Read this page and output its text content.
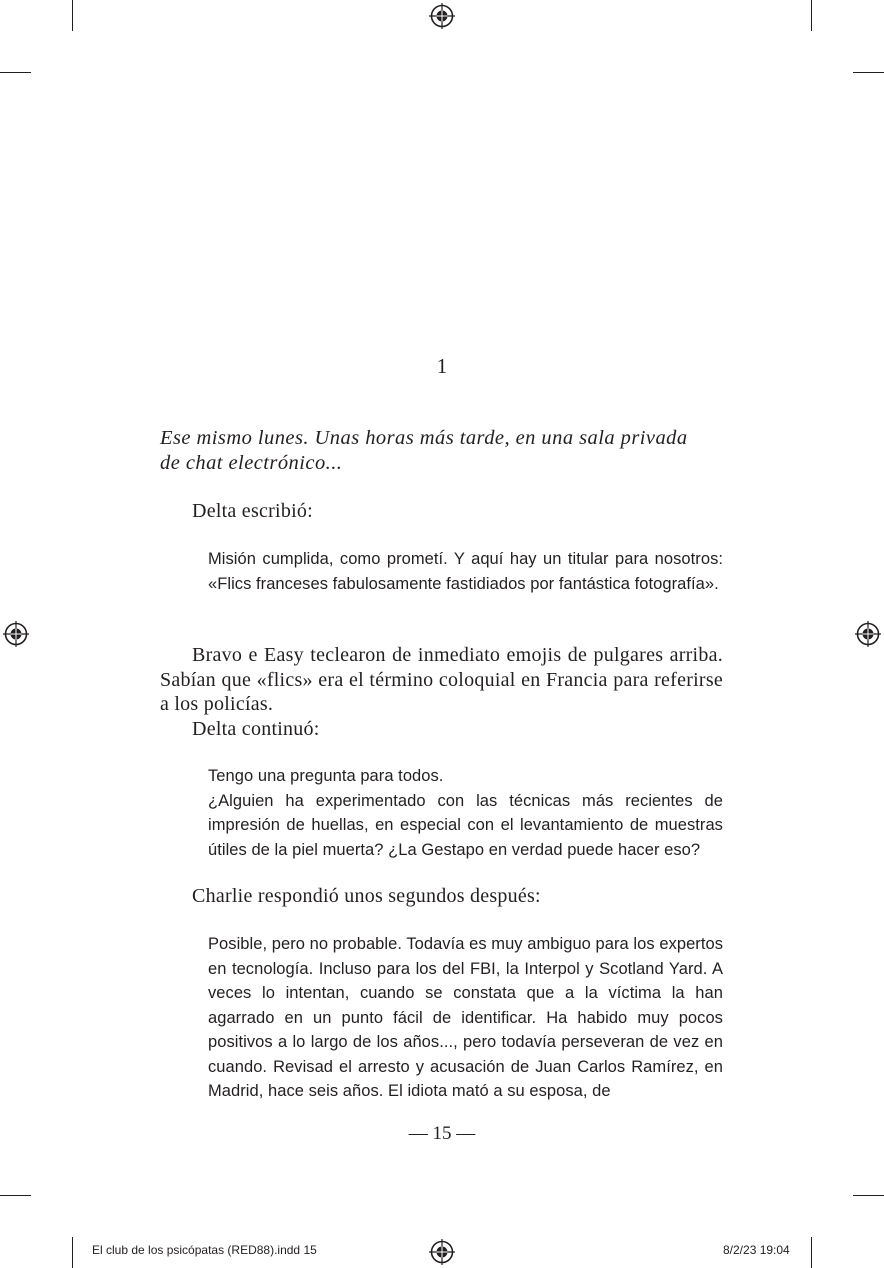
1
Ese mismo lunes. Unas horas más tarde, en una sala privada
de chat electrónico...

Delta escribió:

Misión cumplida, como prometí. Y aquí hay un titular para nosotros: «Flics franceses fabulosamente fastidiados por fantástica fotografía».

Bravo e Easy teclearon de inmediato emojis de pulgares arriba. Sabían que «flics» era el término coloquial en Francia para referirse a los policías.

Delta continuó:

Tengo una pregunta para todos.

¿Alguien ha experimentado con las técnicas más recientes de impresión de huellas, en especial con el levantamiento de muestras útiles de la piel muerta? ¿La Gestapo en verdad puede hacer eso?

Charlie respondió unos segundos después:

Posible, pero no probable. Todavía es muy ambiguo para los expertos en tecnología. Incluso para los del FBI, la Interpol y Scotland Yard. A veces lo intentan, cuando se constata que a la víctima la han agarrado en un punto fácil de identificar. Ha habido muy pocos positivos a lo largo de los años..., pero todavía perseveran de vez en cuando. Revisad el arresto y acusación de Juan Carlos Ramírez, en Madrid, hace seis años. El idiota mató a su esposa, de

— 15 —
El club de los psicópatas (RED88).indd 15	8/2/23 19:04
